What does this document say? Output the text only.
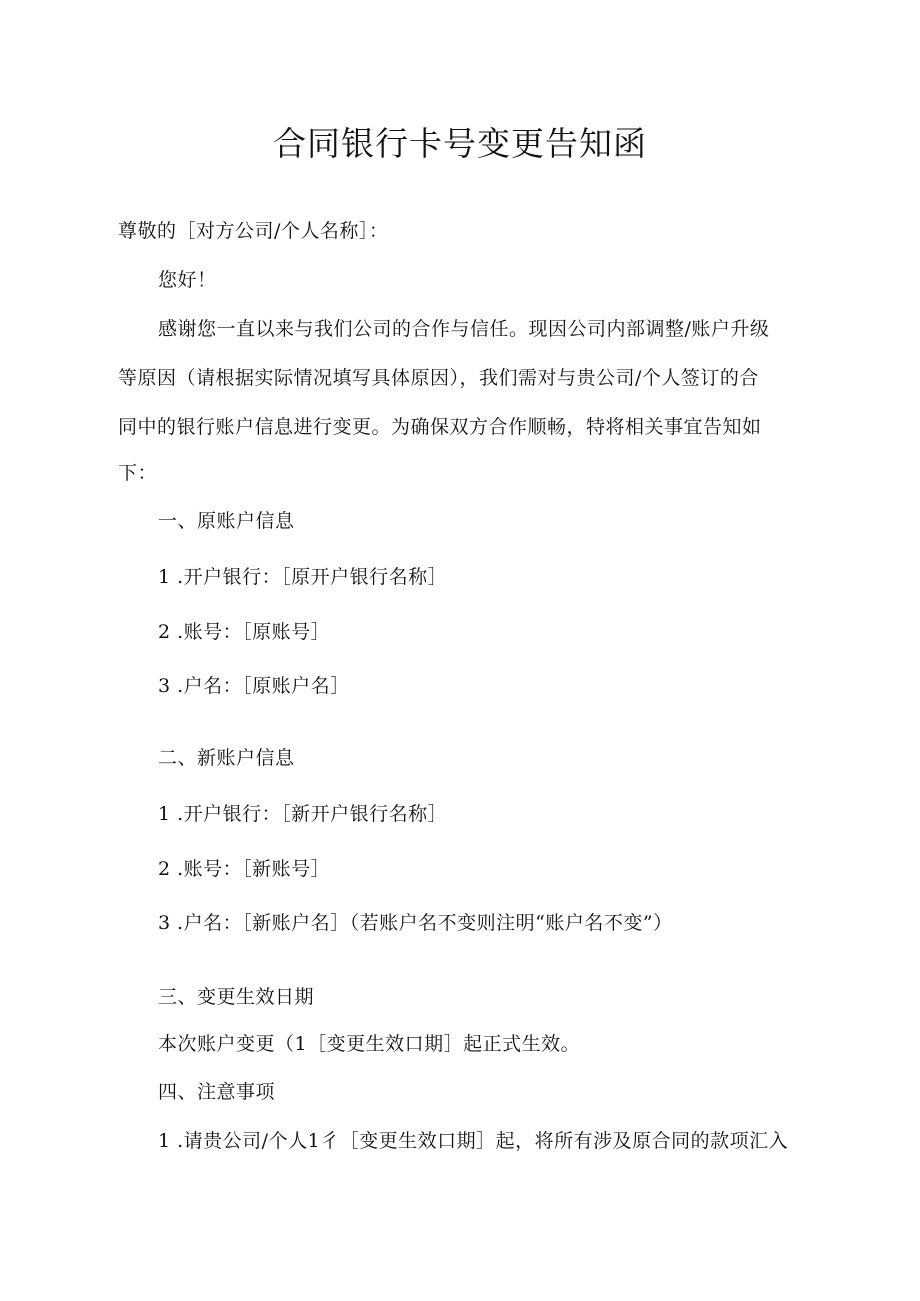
合同银行卡号变更告知函
尊敬的［对方公司/个人名称］：
您好！
感谢您一直以来与我们公司的合作与信任。现因公司内部调整/账户升级
等原因（请根据实际情况填写具体原因），我们需对与贵公司/个人签订的合
同中的银行账户信息进行变更。为确保双方合作顺畅，特将相关事宜告知如
下：
一、原账户信息
1 .开户银行：［原开户银行名称］
2 .账号：［原账号］
3 .户名：［原账户名］
二、新账户信息
1 .开户银行：［新开户银行名称］
2 .账号：［新账号］
3 .户名：［新账户名］（若账户名不变则注明“账户名不变”）
三、变更生效日期
本次账户变更（1［变更生效口期］起正式生效。
四、注意事项
1 .请贵公司/个人1彳［变更生效口期］起，将所有涉及原合同的款项汇入
